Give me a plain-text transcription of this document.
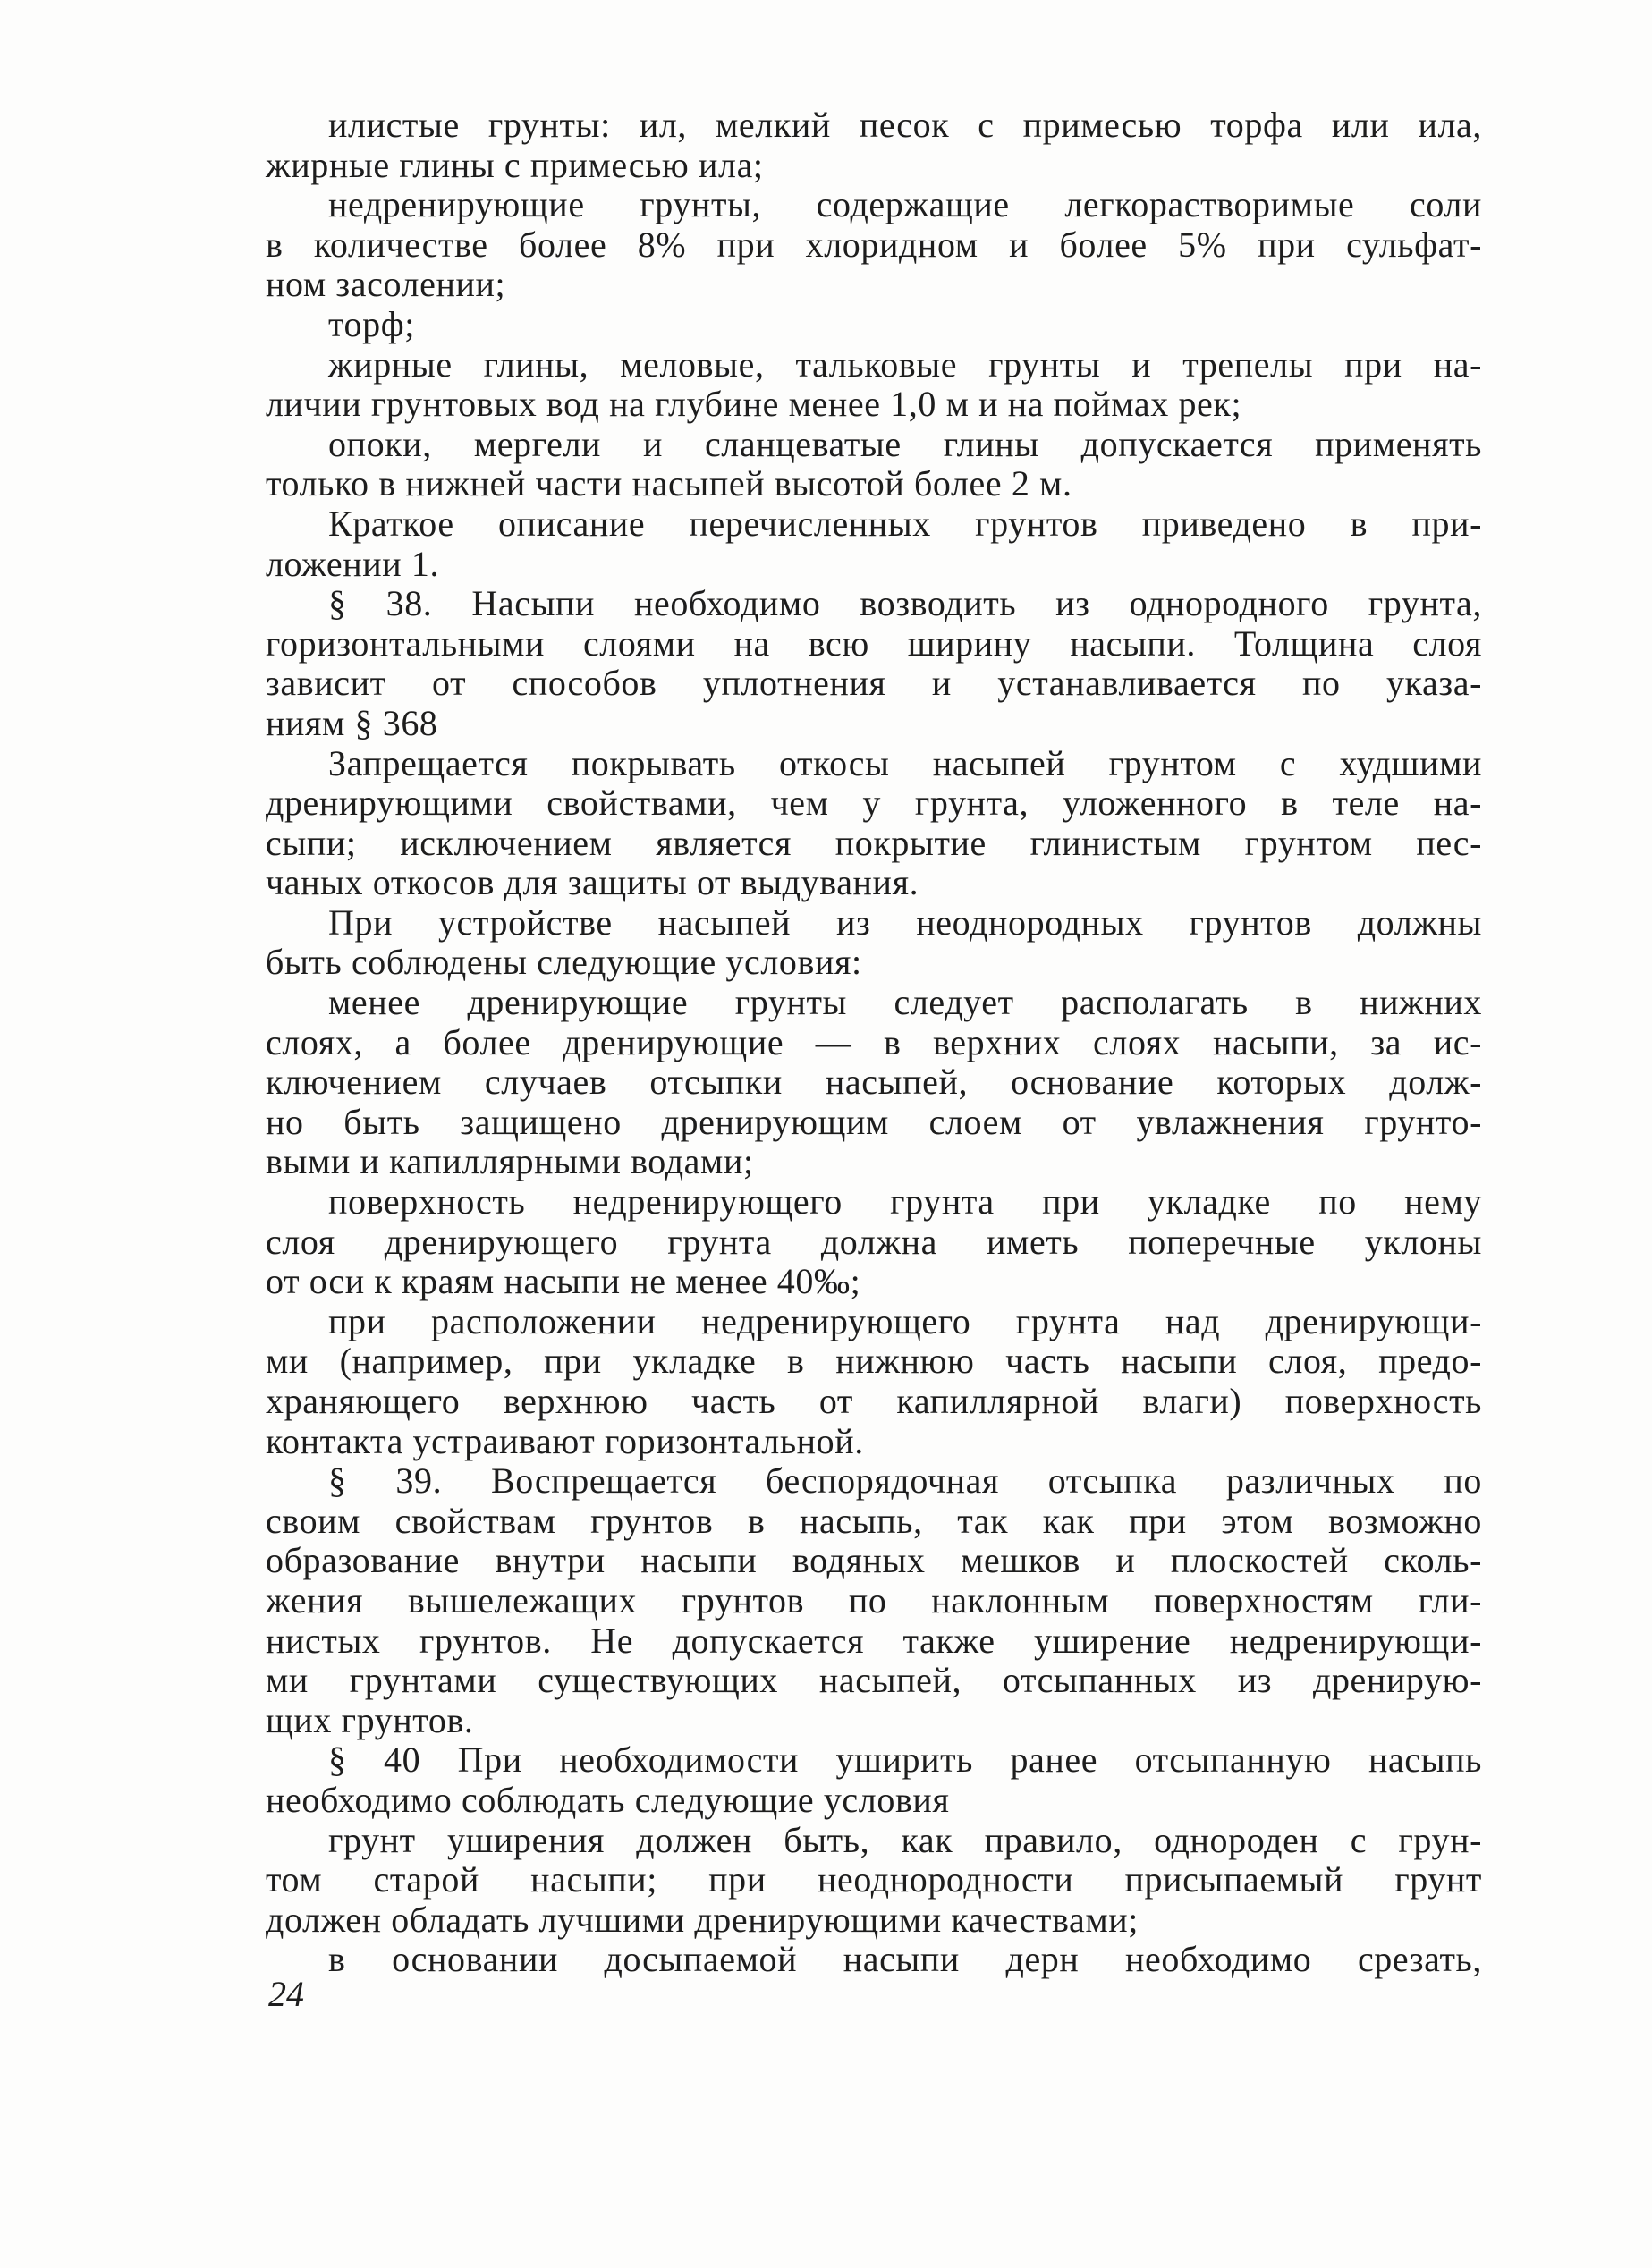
илистые грунты: ил, мелкий песок с примесью торфа или ила,
жирные глины с примесью ила;
недренирующие грунты, содержащие легкорастворимые соли
в количестве более 8% при хлоридном и более 5% при сульфат-
ном засолении;
торф;
жирные глины, меловые, тальковые грунты и трепелы при на-
личии грунтовых вод на глубине менее 1,0 м и на поймах рек;
опоки, мергели и сланцеватые глины допускается применять
только в нижней части насыпей высотой более 2 м.
Краткое описание перечисленных грунтов приведено в при-
ложении 1.
§ 38. Насыпи необходимо возводить из однородного грунта,
горизонтальными слоями на всю ширину насыпи. Толщина слоя
зависит от способов уплотнения и устанавливается по указа-
ниям § 368
Запрещается покрывать откосы насыпей грунтом с худшими
дренирующими свойствами, чем у грунта, уложенного в теле на-
сыпи; исключением является покрытие глинистым грунтом пес-
чаных откосов для защиты от выдувания.
При устройстве насыпей из неоднородных грунтов должны
быть соблюдены следующие условия:
менее дренирующие грунты следует располагать в нижних
слоях, а более дренирующие — в верхних слоях насыпи, за ис-
ключением случаев отсыпки насыпей, основание которых долж-
но быть защищено дренирующим слоем от увлажнения грунто-
выми и капиллярными водами;
поверхность недренирующего грунта при укладке по нему
слоя дренирующего грунта должна иметь поперечные уклоны
от оси к краям насыпи не менее 40‰;
при расположении недренирующего грунта над дренирующи-
ми (например, при укладке в нижнюю часть насыпи слоя, предо-
храняющего верхнюю часть от капиллярной влаги) поверхность
контакта устраивают горизонтальной.
§ 39. Воспрещается беспорядочная отсыпка различных по
своим свойствам грунтов в насыпь, так как при этом возможно
образование внутри насыпи водяных мешков и плоскостей сколь-
жения вышележащих грунтов по наклонным поверхностям гли-
нистых грунтов. Не допускается также уширение недренирующи-
ми грунтами существующих насыпей, отсыпанных из дренирую-
щих грунтов.
§ 40 При необходимости уширить ранее отсыпанную насыпь
необходимо соблюдать следующие условия
грунт уширения должен быть, как правило, однороден с грун-
том старой насыпи; при неоднородности присыпаемый грунт
должен обладать лучшими дренирующими качествами;
в основании досыпаемой насыпи дерн необходимо срезать,
24
